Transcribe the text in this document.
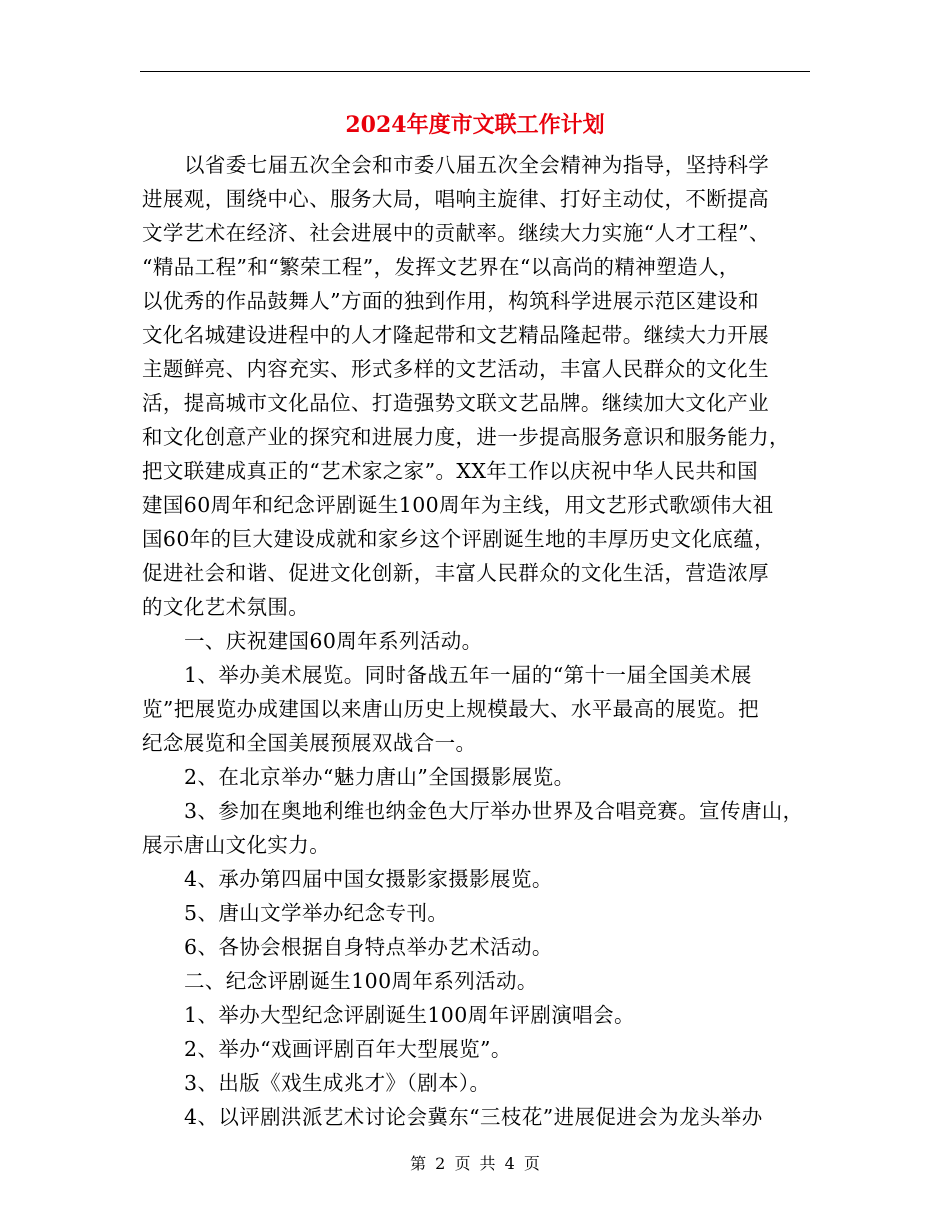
2024年度市文联工作计划
以省委七届五次全会和市委八届五次全会精神为指导，坚持科学
进展观，围绕中心、服务大局，唱响主旋律、打好主动仗，不断提高
文学艺术在经济、社会进展中的贡献率。继续大力实施“人才工程”、
“精品工程”和“繁荣工程”，发挥文艺界在“以高尚的精神塑造人，
以优秀的作品鼓舞人”方面的独到作用，构筑科学进展示范区建设和
文化名城建设进程中的人才隆起带和文艺精品隆起带。继续大力开展
主题鲜亮、内容充实、形式多样的文艺活动，丰富人民群众的文化生
活，提高城市文化品位、打造强势文联文艺品牌。继续加大文化产业
和文化创意产业的探究和进展力度，进一步提高服务意识和服务能力，
把文联建成真正的“艺术家之家”。XX年工作以庆祝中华人民共和国
建国60周年和纪念评剧诞生100周年为主线，用文艺形式歌颂伟大祖
国60年的巨大建设成就和家乡这个评剧诞生地的丰厚历史文化底蕴，
促进社会和谐、促进文化创新，丰富人民群众的文化生活，营造浓厚
的文化艺术氛围。
一、庆祝建国60周年系列活动。
1、举办美术展览。同时备战五年一届的“第十一届全国美术展
览”把展览办成建国以来唐山历史上规模最大、水平最高的展览。把
纪念展览和全国美展预展双战合一。
2、在北京举办“魅力唐山”全国摄影展览。
3、参加在奥地利维也纳金色大厅举办世界及合唱竞赛。宣传唐山，
展示唐山文化实力。
4、承办第四届中国女摄影家摄影展览。
5、唐山文学举办纪念专刊。
6、各协会根据自身特点举办艺术活动。
二、纪念评剧诞生100周年系列活动。
1、举办大型纪念评剧诞生100周年评剧演唱会。
2、举办“戏画评剧百年大型展览”。
3、出版《戏生成兆才》（剧本）。
4、以评剧洪派艺术讨论会冀东“三枝花”进展促进会为龙头举办
第 2 页 共 4 页
